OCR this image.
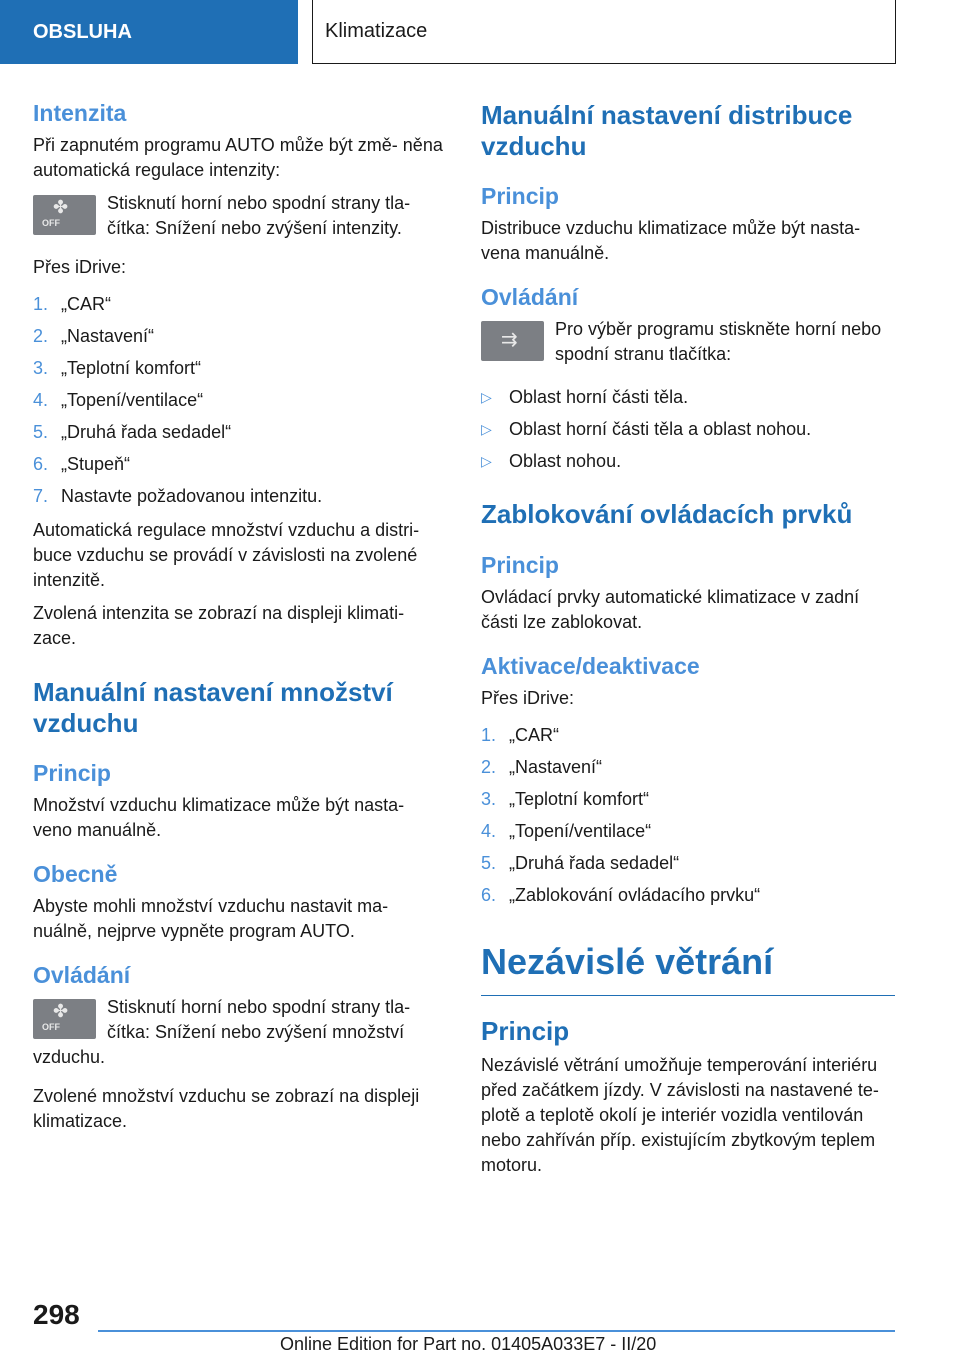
OBSLUHA	Klimatizace
Intenzita

Při zapnutém programu AUTO může být změ‐ něna automatická regulace intenzity:

✤
OFF

Stisknutí horní nebo spodní strany tla‐ čítka: Snížení nebo zvýšení intenzity.

Přes iDrive:

1. „CAR“
2. „Nastavení“
3. „Teplotní komfort“
4. „Topení/ventilace“
5. „Druhá řada sedadel“
6. „Stupeň“
7. Nastavte požadovanou intenzitu.

Automatická regulace množství vzduchu a distri‐ buce vzduchu se provádí v závislosti na zvolené intenzitě.

Zvolená intenzita se zobrazí na displeji klimati‐ zace.

Manuální nastavení množství vzduchu
Princip

Množství vzduchu klimatizace může být nasta‐ veno manuálně.

Obecně

Abyste mohli množství vzduchu nastavit ma‐ nuálně, nejprve vypněte program AUTO.

Ovládání
✤
OFF

Stisknutí horní nebo spodní strany tla‐ čítka: Snížení nebo zvýšení množství vzduchu.

Zvolené množství vzduchu se zobrazí na displeji klimatizace.

Manuální nastavení distribuce vzduchu
Princip

Distribuce vzduchu klimatizace může být nasta‐ vena manuálně.

Ovládání
⇉ Pro výběr programu stiskněte horní nebo spodní stranu tlačítka:

▷ Oblast horní části těla.
▷ Oblast horní části těla a oblast nohou.
▷ Oblast nohou.
Zablokování ovládacích prvků
Princip

Ovládací prvky automatické klimatizace v zadní části lze zablokovat.

Aktivace/deaktivace

Přes iDrive:

1. „CAR“
2. „Nastavení“
3. „Teplotní komfort“
4. „Topení/ventilace“
5. „Druhá řada sedadel“
6. „Zablokování ovládacího prvku“
Nezávislé větrání
Princip

Nezávislé větrání umožňuje temperování interiéru před začátkem jízdy. V závislosti na nastavené te‐ plotě a teplotě okolí je interiér vozidla ventilován nebo zahříván příp. existujícím zbytkovým teplem motoru.

298
Online Edition for Part no. 01405A033E7 - II/20
